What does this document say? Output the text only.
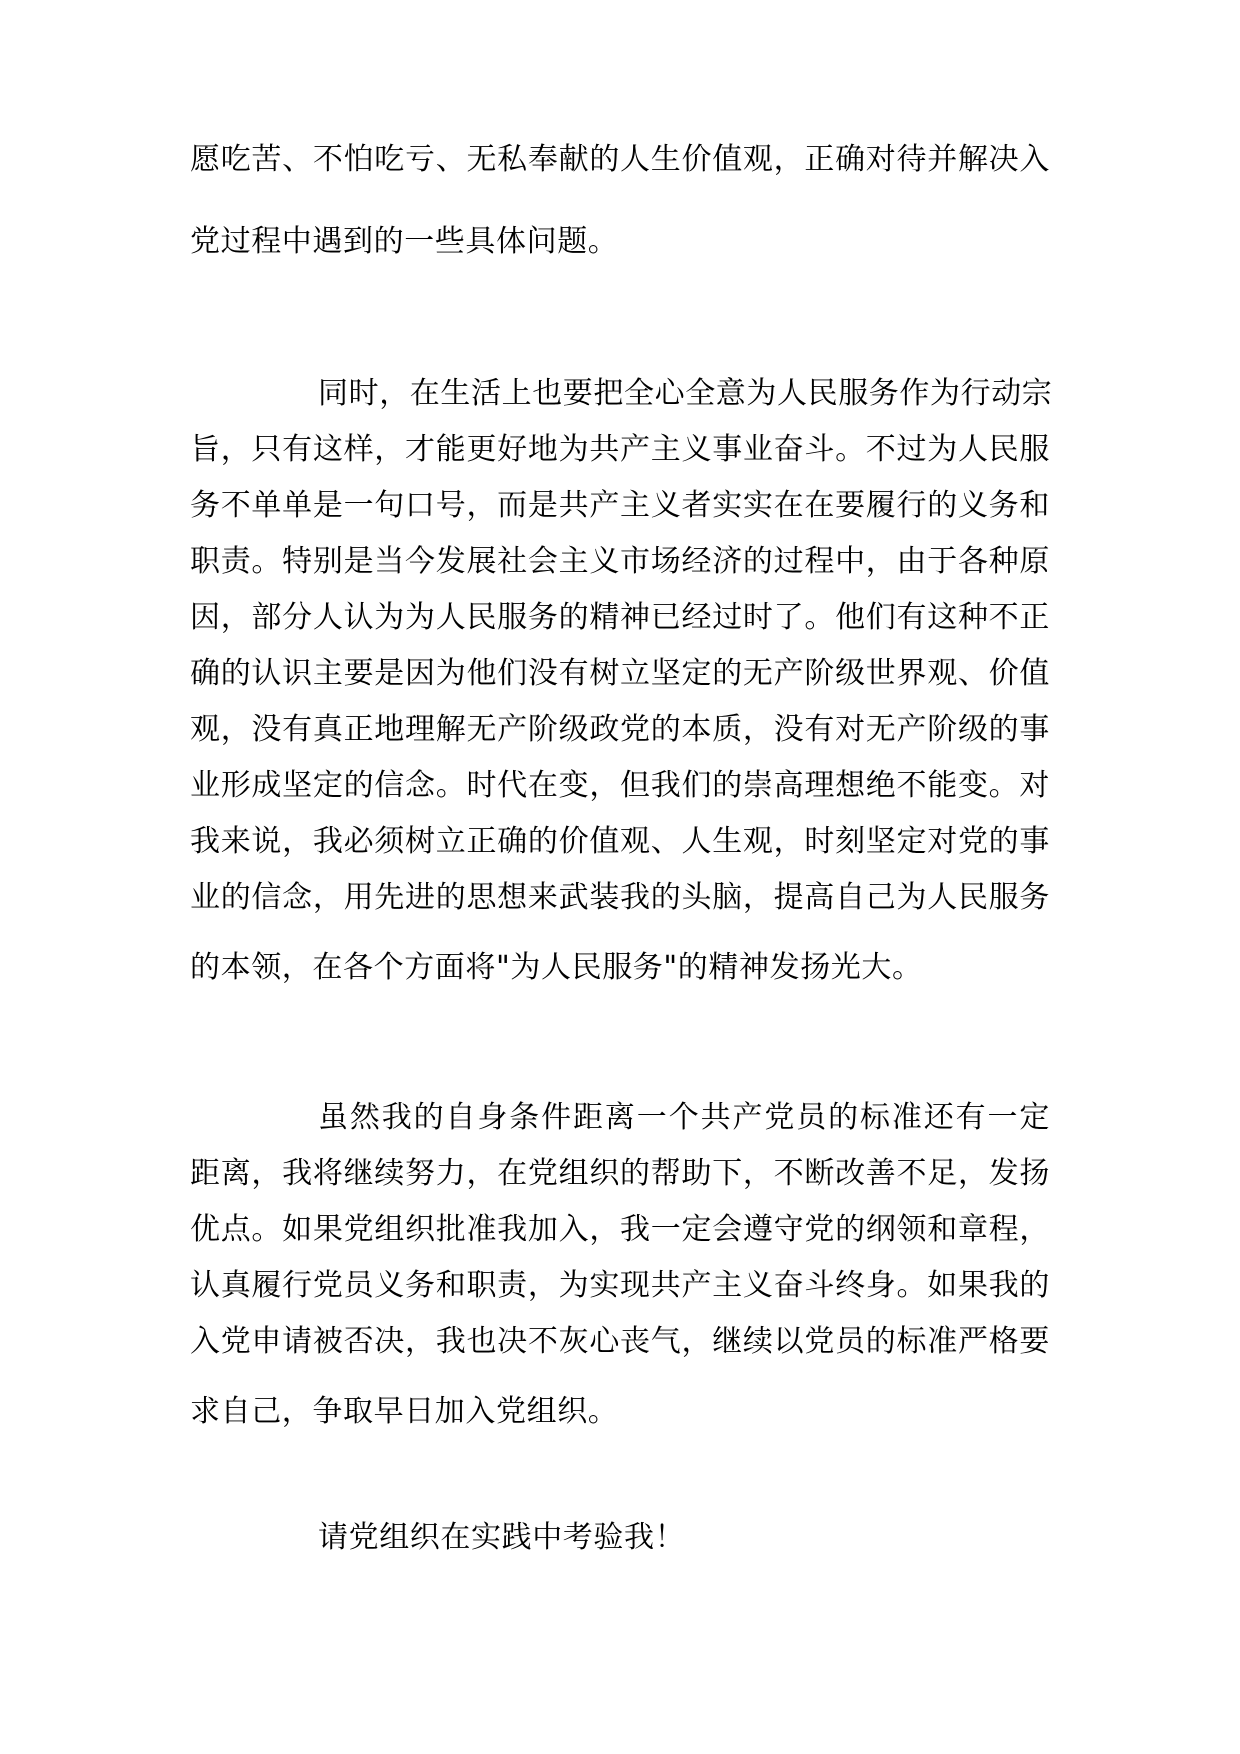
愿吃苦、不怕吃亏、无私奉献的人生价值观，正确对待并解决入
党过程中遇到的一些具体问题。
同时，在生活上也要把全心全意为人民服务作为行动宗
旨，只有这样，才能更好地为共产主义事业奋斗。不过为人民服
务不单单是一句口号，而是共产主义者实实在在要履行的义务和
职责。特别是当今发展社会主义市场经济的过程中，由于各种原
因，部分人认为为人民服务的精神已经过时了。他们有这种不正
确的认识主要是因为他们没有树立坚定的无产阶级世界观、价值
观，没有真正地理解无产阶级政党的本质，没有对无产阶级的事
业形成坚定的信念。时代在变，但我们的崇高理想绝不能变。对
我来说，我必须树立正确的价值观、人生观，时刻坚定对党的事
业的信念，用先进的思想来武装我的头脑，提高自己为人民服务
的本领，在各个方面将"为人民服务"的精神发扬光大。
虽然我的自身条件距离一个共产党员的标准还有一定
距离，我将继续努力，在党组织的帮助下，不断改善不足，发扬
优点。如果党组织批准我加入，我一定会遵守党的纲领和章程，
认真履行党员义务和职责，为实现共产主义奋斗终身。如果我的
入党申请被否决，我也决不灰心丧气，继续以党员的标准严格要
求自己，争取早日加入党组织。
请党组织在实践中考验我！
